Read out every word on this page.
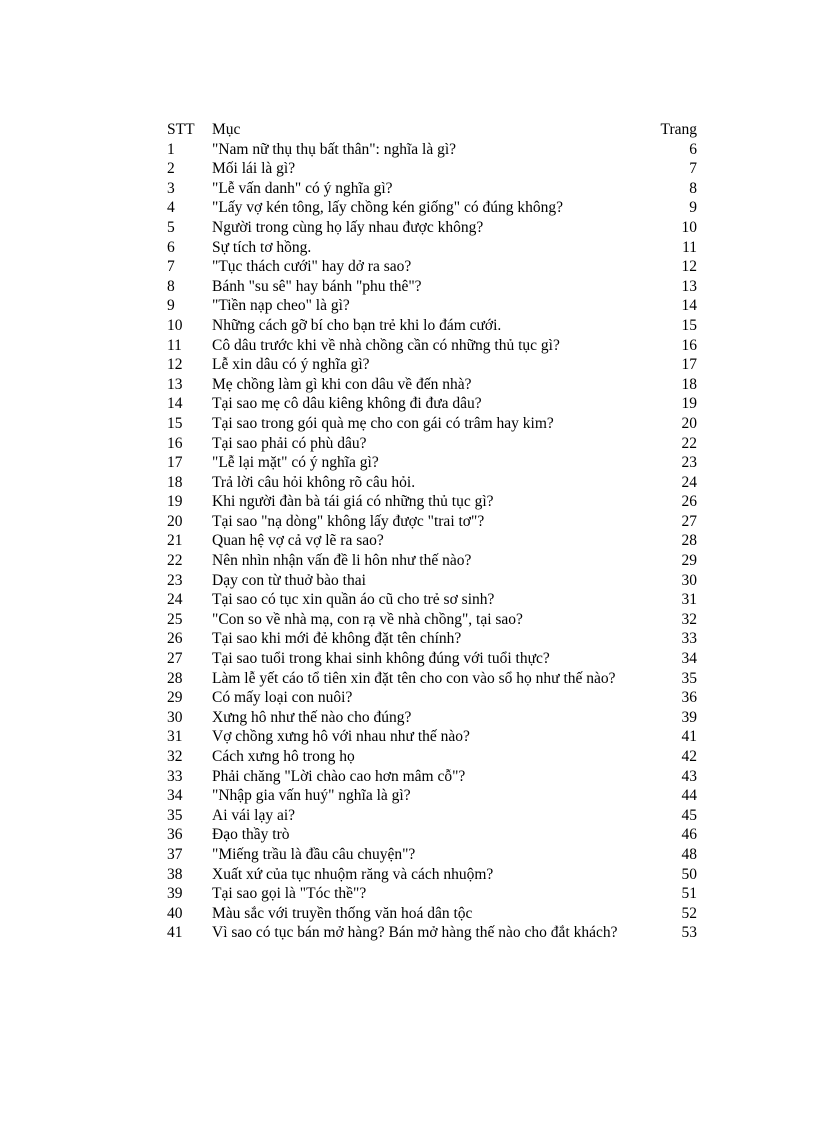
STT	Mục	Trang
1	"Nam nữ thụ thụ bất thân": nghĩa là gì?	6
2	Mối lái là gì?	7
3	"Lễ vấn danh" có ý nghĩa gì?	8
4	"Lấy vợ kén tông, lấy chồng kén giống" có đúng không?	9
5	Người trong cùng họ lấy nhau được không?	10
6	Sự tích tơ hồng.	11
7	"Tục thách cưới" hay dở ra sao?	12
8	Bánh "su sê" hay bánh "phu thê"?	13
9	"Tiền nạp cheo" là gì?	14
10	Những cách gỡ bí cho bạn trẻ khi lo đám cưới.	15
11	Cô dâu trước khi về nhà chồng cần có những thủ tục gì?	16
12	Lễ xin dâu có ý nghĩa gì?	17
13	Mẹ chồng làm gì khi con dâu về đến nhà?	18
14	Tại sao mẹ cô dâu kiêng không đi đưa dâu?	19
15	Tại sao trong gói quà mẹ cho con gái có trâm hay kim?	20
16	Tại sao phải có phù dâu?	22
17	"Lễ lại mặt" có ý nghĩa gì?	23
18	Trả lời câu hỏi không rõ câu hỏi.	24
19	Khi người đàn bà tái giá có những thủ tục gì?	26
20	Tại sao "nạ dòng" không lấy được "trai tơ"?	27
21	Quan hệ vợ cả vợ lẽ ra sao?	28
22	Nên nhìn nhận vấn đề li hôn như thế nào?	29
23	Dạy con từ thuở bào thai	30
24	Tại sao có tục xin quần áo cũ cho trẻ sơ sinh?	31
25	"Con so về nhà mạ, con rạ về nhà chồng", tại sao?	32
26	Tại sao khi mới đẻ không đặt tên chính?	33
27	Tại sao tuổi trong khai sinh không đúng với tuổi thực?	34
28	Làm lễ yết cáo tổ tiên xin đặt tên cho con vào sổ họ như thế nào?	35
29	Có mấy loại con nuôi?	36
30	Xưng hô như thế nào cho đúng?	39
31	Vợ chồng xưng hô với nhau như thế nào?	41
32	Cách xưng hô trong họ	42
33	Phải chăng "Lời chào cao hơn mâm cỗ"?	43
34	"Nhập gia vấn huý" nghĩa là gì?	44
35	Ai vái lạy ai?	45
36	Đạo thầy trò	46
37	"Miếng trầu là đầu câu chuyện"?	48
38	Xuất xứ của tục nhuộm răng và cách nhuộm?	50
39	Tại sao gọi là "Tóc thề"?	51
40	Màu sắc với truyền thống văn hoá dân tộc	52
41	Vì sao có tục bán mở hàng? Bán mở hàng thế nào cho đắt khách?	53
